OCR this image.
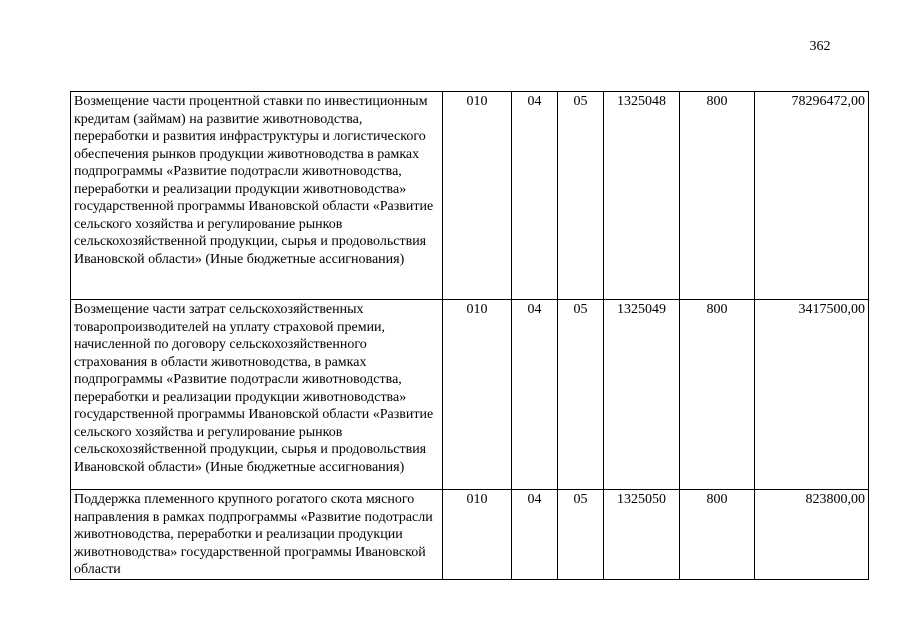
362
Возмещение части процентной ставки по инвестиционным кредитам (займам) на развитие животноводства, переработки и развития инфраструктуры и логистического обеспечения рынков продукции животноводства в рамках подпрограммы «Развитие подотрасли животноводства, переработки и реализации продукции животноводства» государственной программы Ивановской области «Развитие сельского хозяйства и регулирование рынков сельскохозяйственной продукции, сырья и продовольствия Ивановской области» (Иные бюджетные ассигнования)	010	04	05	1325048	800	78296472,00
Возмещение части затрат сельскохозяйственных товаропроизводителей на уплату страховой премии, начисленной по договору сельскохозяйственного страхования в области животноводства, в рамках подпрограммы «Развитие подотрасли животноводства, переработки и реализации продукции животноводства» государственной программы Ивановской области «Развитие сельского хозяйства и регулирование рынков сельскохозяйственной продукции, сырья и продовольствия Ивановской области» (Иные бюджетные ассигнования)	010	04	05	1325049	800	3417500,00
Поддержка племенного крупного рогатого скота мясного направления в рамках подпрограммы «Развитие подотрасли животноводства, переработки и реализации продукции животноводства» государственной программы Ивановской области	010	04	05	1325050	800	823800,00
